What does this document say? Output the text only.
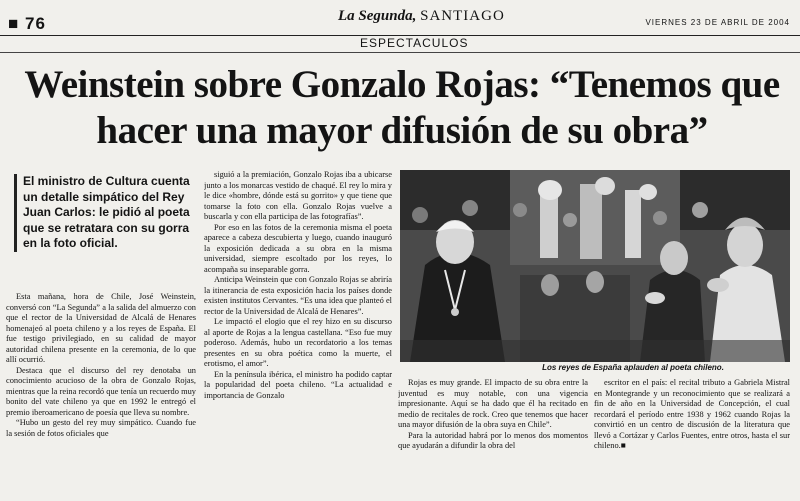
■ 76	La Segunda, SANTIAGO	VIERNES 23 DE ABRIL DE 2004
ESPECTACULOS
Weinstein sobre Gonzalo Rojas: “Tenemos que hacer una mayor difusión de su obra”

El ministro de Cultura cuenta un detalle simpático del Rey Juan Carlos: le pidió al poeta que se retratara con su gorra en la foto oficial.

Esta mañana, hora de Chile, José Weinstein, conversó con “La Segunda” a la salida del almuerzo con que el rector de la Universidad de Alcalá de Henares homenajeó al poeta chileno y a los reyes de España. El fue testigo privilegiado, en su calidad de mayor autoridad chilena presente en la ceremonia, de lo que allí ocurrió.

Destaca que el discurso del rey denotaba un conocimiento acucioso de la obra de Gonzalo Rojas, mientras que la reina recordó que tenía un recuerdo muy bonito del vate chileno ya que en 1992 le entregó el premio iberoamericano de poesía que lleva su nombre.

“Hubo un gesto del rey muy simpático. Cuando fue la sesión de fotos oficiales que

siguió a la premiación, Gonzalo Rojas iba a ubicarse junto a los monarcas vestido de chaqué. El rey lo mira y le dice «hombre, dónde está su gorrito» y que tiene que tomarse la foto con ella. Gonzalo Rojas vuelve a buscarla y con ella participa de las fotografías”.

Por eso en las fotos de la ceremonia misma el poeta aparece a cabeza descubierta y luego, cuando inauguró la exposición dedicada a su obra en la misma universidad, siempre escoltado por los reyes, lo acompaña su inseparable gorra.

Anticipa Weinstein que con Gonzalo Rojas se abriría la itinerancia de esta exposición hacia los países donde existen institutos Cervantes. “Es una idea que planteó el rector de la Universidad de Alcalá de Henares”.

Le impactó el elogio que el rey hizo en su discurso al aporte de Rojas a la lengua castellana. “Eso fue muy poderoso. Además, hubo un recordatorio a los temas presentes en su obra poética como la muerte, el erotismo, el amor”.

En la península ibérica, el ministro ha podido captar la popularidad del poeta chileno. “La actualidad e importancia de Gonzalo

Los reyes de España aplauden al poeta chileno.

Rojas es muy grande. El impacto de su obra entre la juventud es muy notable, con una vigencia impresionante. Aquí se ha dado que él ha recitado en medio de recitales de rock. Creo que tenemos que hacer una mayor difusión de la obra suya en Chile”.

Para la autoridad habrá por lo menos dos momentos que ayudarán a difundir la obra del

escritor en el país: el recital tributo a Gabriela Mistral en Montegrande y un reconocimiento que se realizará a fin de año en la Universidad de Concepción, el cual recordará el período entre 1938 y 1962 cuando Rojas la convirtió en un centro de discusión de la literatura que llevó a Cortázar y Carlos Fuentes, entre otros, hasta el sur chileno.■
